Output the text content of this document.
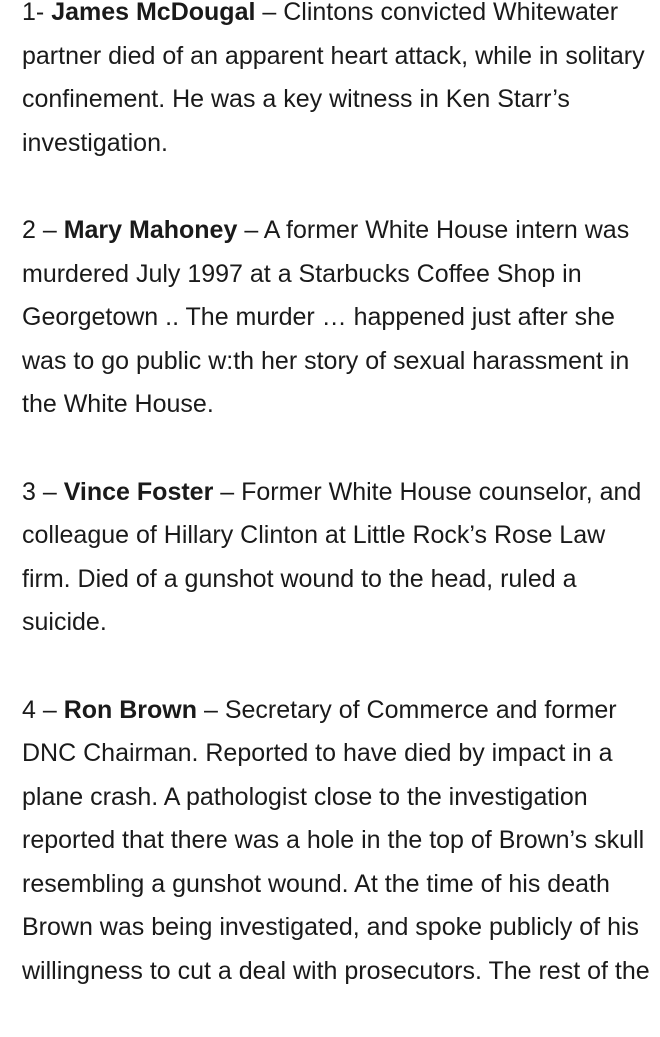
1- James McDougal – Clintons convicted Whitewater partner died of an apparent heart attack, while in solitary confinement. He was a key witness in Ken Starr’s investigation.

2 – Mary Mahoney – A former White House intern was murdered July 1997 at a Starbucks Coffee Shop in Georgetown .. The murder … happened just after she was to go public w:th her story of sexual harassment in the White House.

3 – Vince Foster – Former White House counselor, and colleague of Hillary Clinton at Little Rock’s Rose Law firm. Died of a gunshot wound to the head, ruled a suicide.

4 – Ron Brown – Secretary of Commerce and former DNC Chairman. Reported to have died by impact in a plane crash. A pathologist close to the investigation reported that there was a hole in the top of Brown’s skull resembling a gunshot wound. At the time of his death Brown was being investigated, and spoke publicly of his willingness to cut a deal with prosecutors. The rest of the
